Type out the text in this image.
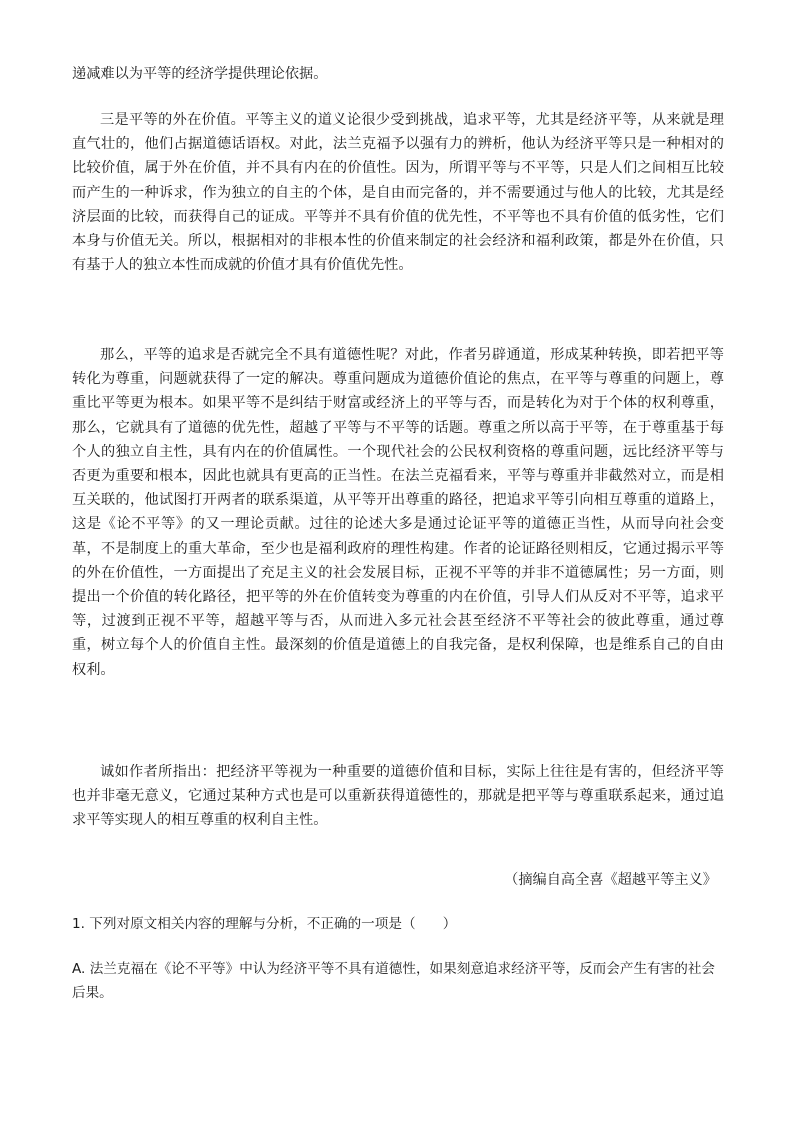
递减难以为平等的经济学提供理论依据。

三是平等的外在价值。平等主义的道义论很少受到挑战，追求平等，尤其是经济平等，从来就是理直气壮的，他们占据道德话语权。对此，法兰克福予以强有力的辨析，他认为经济平等只是一种相对的比较价值，属于外在价值，并不具有内在的价值性。因为，所谓平等与不平等，只是人们之间相互比较而产生的一种诉求，作为独立的自主的个体，是自由而完备的，并不需要通过与他人的比较，尤其是经济层面的比较，而获得自己的证成。平等并不具有价值的优先性，不平等也不具有价值的低劣性，它们本身与价值无关。所以，根据相对的非根本性的价值来制定的社会经济和福利政策，都是外在价值，只有基于人的独立本性而成就的价值才具有价值优先性。

那么，平等的追求是否就完全不具有道德性呢？对此，作者另辟通道，形成某种转换，即若把平等转化为尊重，问题就获得了一定的解决。尊重问题成为道德价值论的焦点，在平等与尊重的问题上，尊重比平等更为根本。如果平等不是纠结于财富或经济上的平等与否，而是转化为对于个体的权利尊重，那么，它就具有了道德的优先性，超越了平等与不平等的话题。尊重之所以高于平等，在于尊重基于每个人的独立自主性，具有内在的价值属性。一个现代社会的公民权利资格的尊重问题，远比经济平等与否更为重要和根本，因此也就具有更高的正当性。在法兰克福看来，平等与尊重并非截然对立，而是相互关联的，他试图打开两者的联系渠道，从平等开出尊重的路径，把追求平等引向相互尊重的道路上，这是《论不平等》的又一理论贡献。过往的论述大多是通过论证平等的道德正当性，从而导向社会变革，不是制度上的重大革命，至少也是福利政府的理性构建。作者的论证路径则相反，它通过揭示平等的外在价值性，一方面提出了充足主义的社会发展目标，正视不平等的并非不道德属性；另一方面，则提出一个价值的转化路径，把平等的外在价值转变为尊重的内在价值，引导人们从反对不平等，追求平等，过渡到正视不平等，超越平等与否，从而进入多元社会甚至经济不平等社会的彼此尊重，通过尊重，树立每个人的价值自主性。最深刻的价值是道德上的自我完备，是权利保障，也是维系自己的自由权利。

诚如作者所指出：把经济平等视为一种重要的道德价值和目标，实际上往往是有害的，但经济平等也并非毫无意义，它通过某种方式也是可以重新获得道德性的，那就是把平等与尊重联系起来，通过追求平等实现人的相互尊重的权利自主性。

（摘编自高全喜《超越平等主义》

1. 下列对原文相关内容的理解与分析，不正确的一项是（　　）

A. 法兰克福在《论不平等》中认为经济平等不具有道德性，如果刻意追求经济平等，反而会产生有害的社会后果。
